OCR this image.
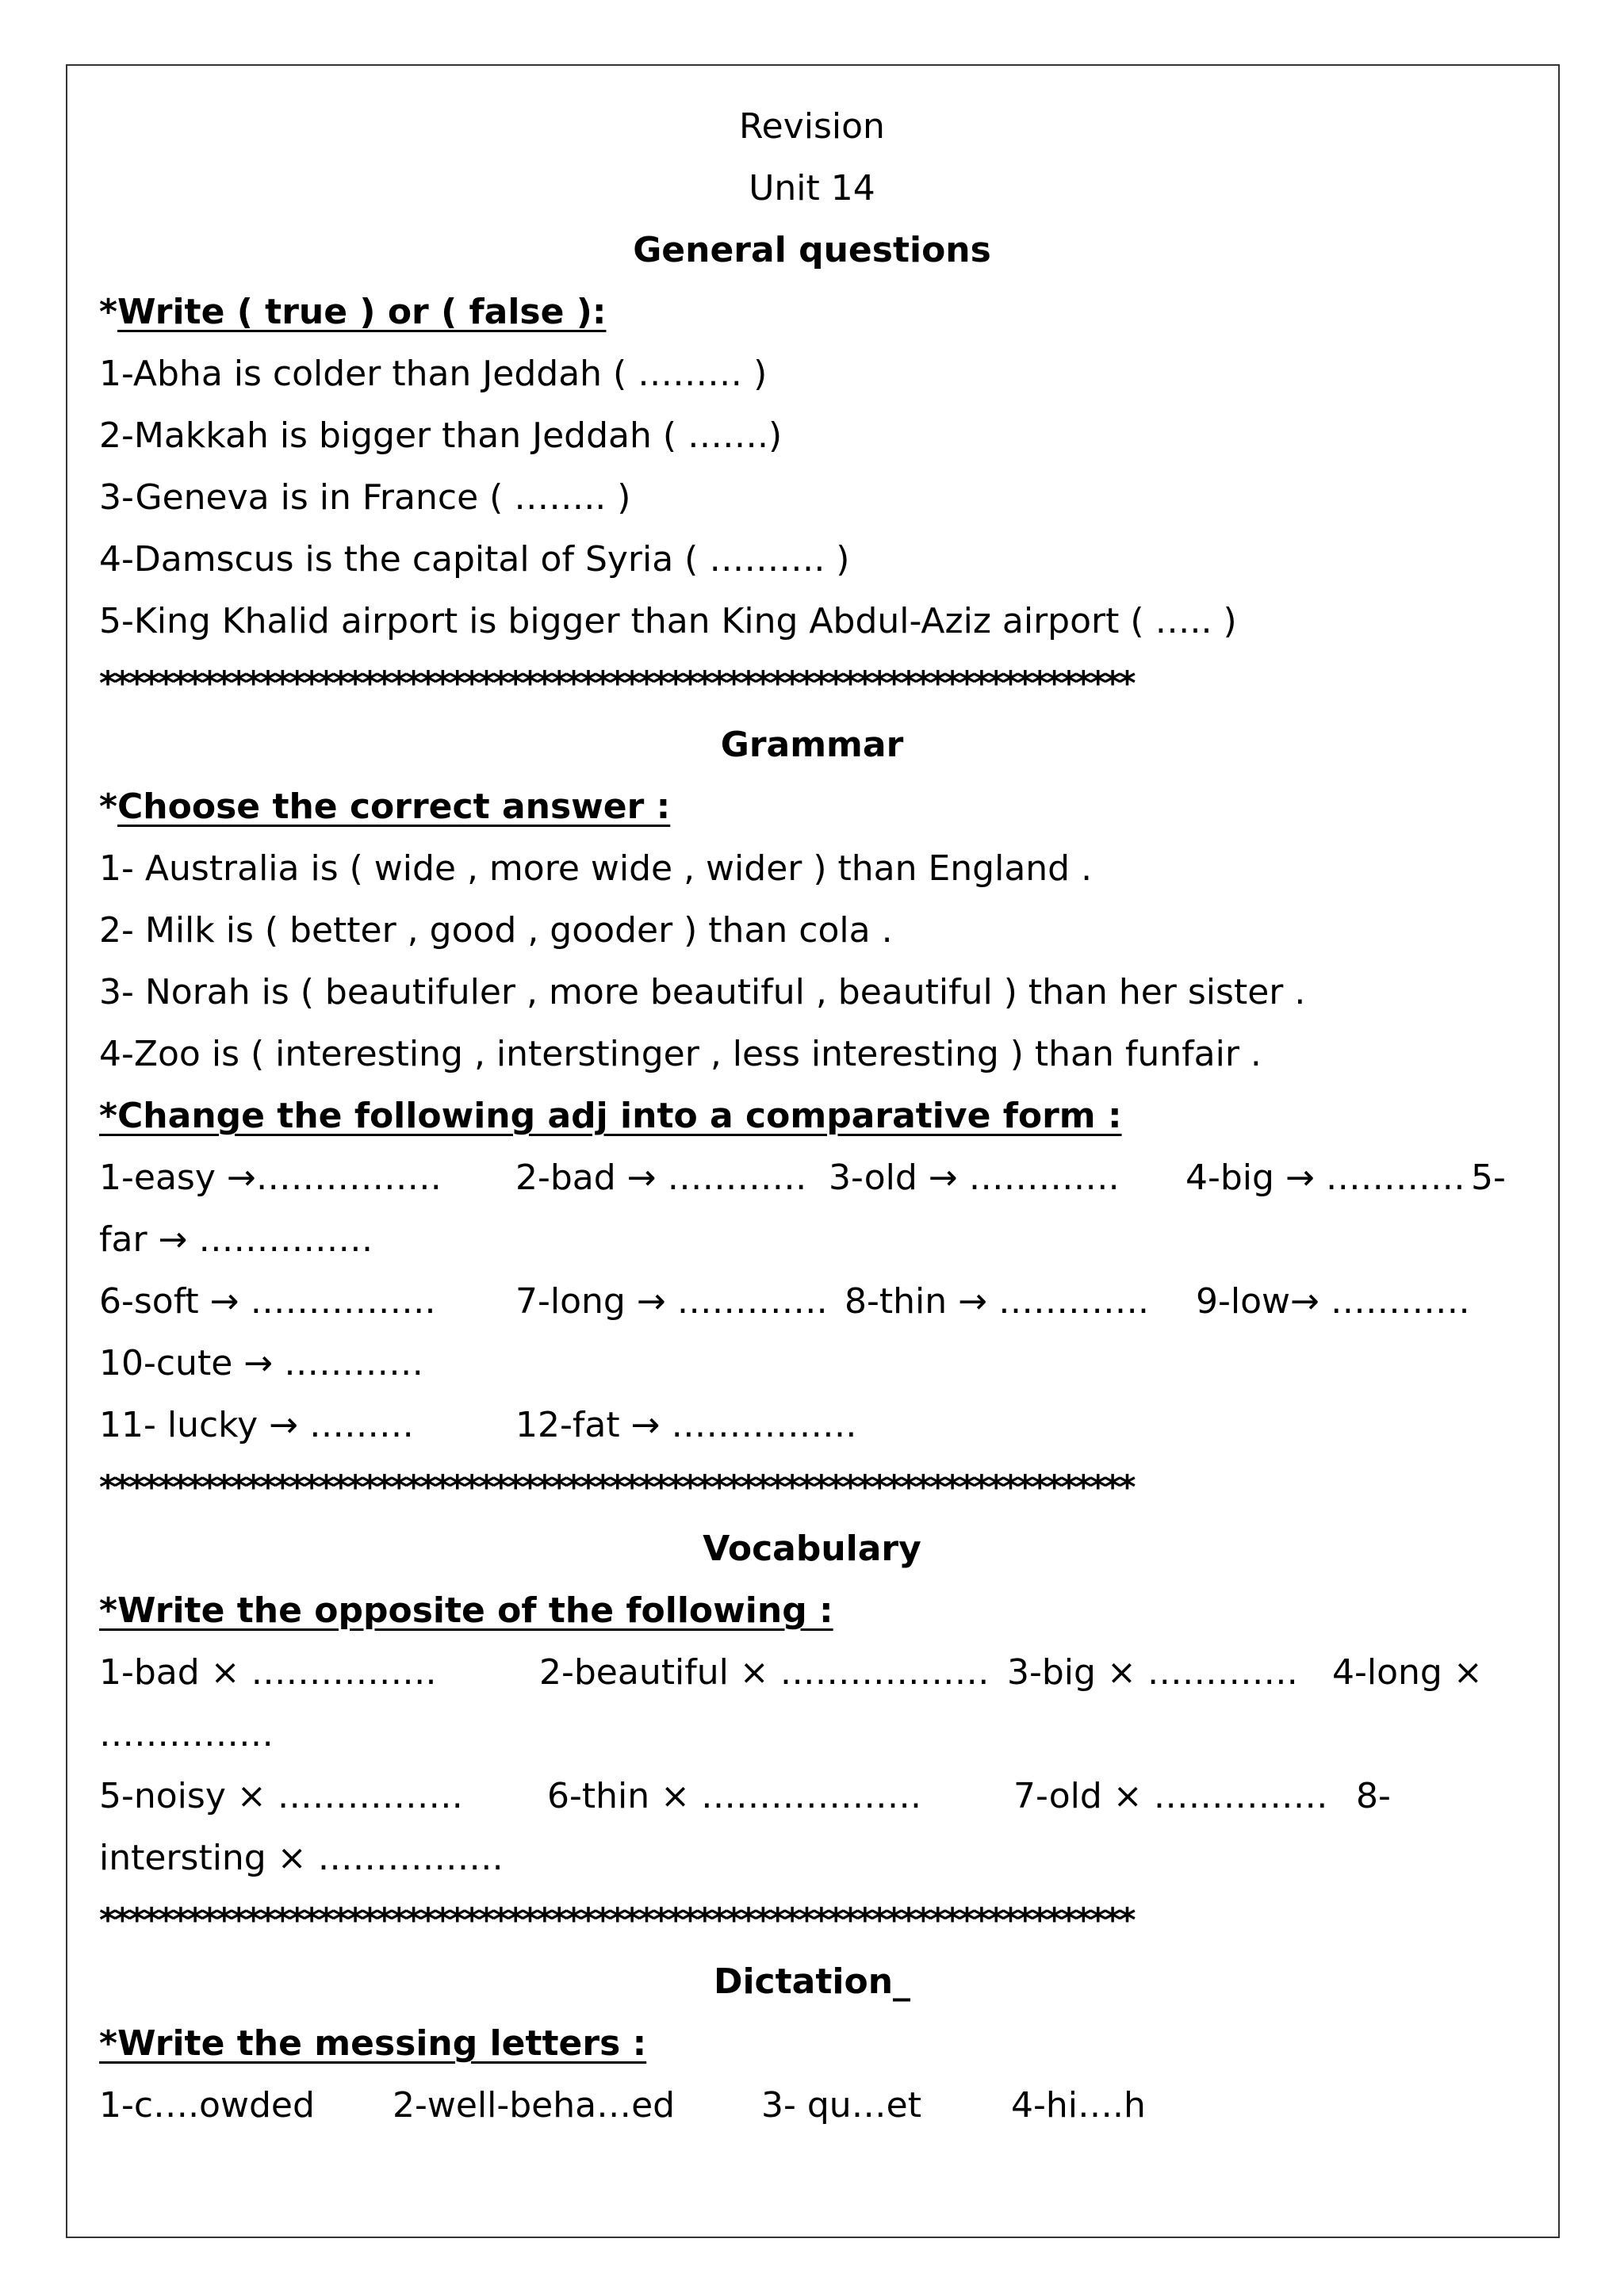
Revision
Unit 14
General questions
*Write ( true ) or ( false ):
1-Abha is colder than Jeddah ( ……… )
2-Makkah is bigger than Jeddah ( …….)
3-Geneva is in France ( …….. )
4-Damscus is the capital of Syria ( ………. )
5-King Khalid airport is bigger than King Abdul-Aziz airport ( ….. )
***********************************************************************
Grammar
*Choose the correct answer :
1- Australia is ( wide , more wide , wider ) than England .
2- Milk is ( better , good , gooder ) than cola .
3- Norah is ( beautifuler , more beautiful , beautiful ) than her sister .
4-Zoo is ( interesting , interstinger , less interesting ) than funfair .
*Change the following adj into a comparative form :
1-easy →……………. 2-bad → ………… 3-old → …………. 4-big → ………… 5-
far → ……………
6-soft → ……………. 7-long → …………. 8-thin → …………. 9-low→ …………
10-cute → …………
11- lucky → ………	12-fat → …………….
***********************************************************************
Vocabulary
*Write the opposite of the following :
1-bad × …………….	2-beautiful × ……………… 3-big × …………. 4-long ×
……………
5-noisy × ……………. 6-thin × ……………….	7-old × …………… 8-
intersting × …………….
***********************************************************************
Dictation_
*Write the messing letters :
1-c….owded 2-well-beha…ed 3- qu…et	4-hi….h
